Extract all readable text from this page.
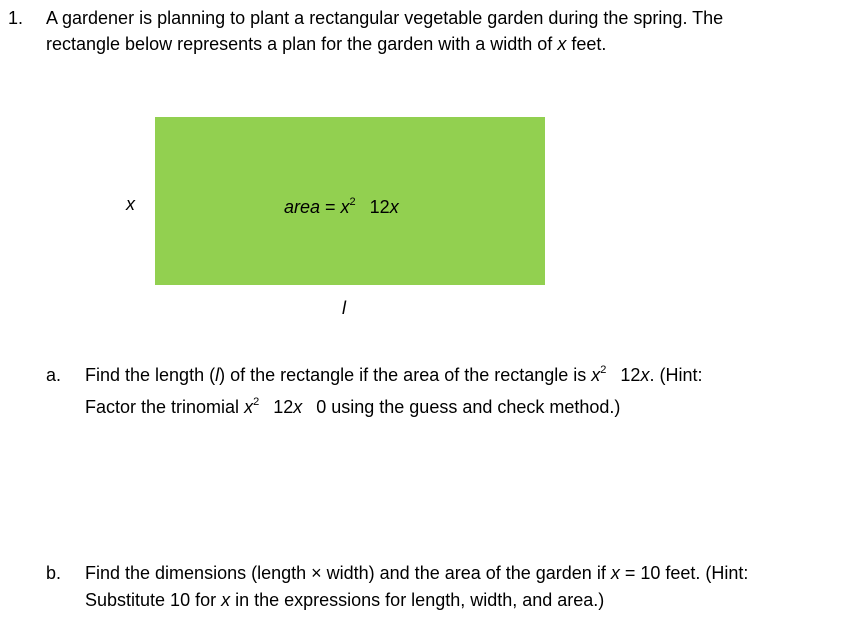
1. A gardener is planning to plant a rectangular vegetable garden during the spring. The
rectangle below represents a plan for the garden with a width of x feet.
x	area = $x^2$ 12x
l
a. Find the length (l) of the rectangle if the area of the rectangle is $x^2$ 12x. (Hint:
Factor the trinomial $x^2$ 12x 0 using the guess and check method.)
b. Find the dimensions (length × width) and the area of the garden if x = 10 feet. (Hint:
Substitute 10 for x in the expressions for length, width, and area.)
